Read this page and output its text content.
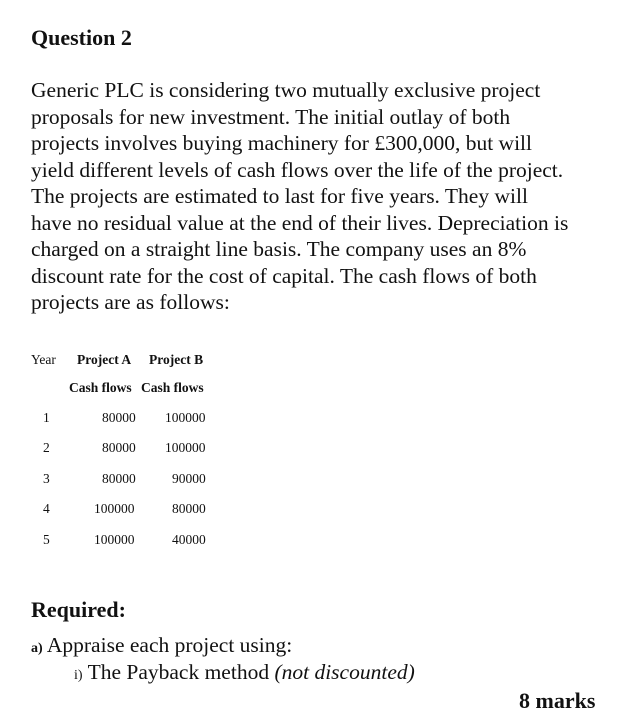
Question 2
Generic PLC is considering two mutually exclusive project
proposals for new investment. The initial outlay of both
projects involves buying machinery for £300,000, but will
yield different levels of cash flows over the life of the project.
The projects are estimated to last for five years. They will
have no residual value at the end of their lives. Depreciation is
charged on a straight line basis. The company uses an 8%
discount rate for the cost of capital. The cash flows of both
projects are as follows:
Year Project A Project B
Cash flows Cash flows
1	80000 100000
2	80000 100000
3	80000	90000
4	100000	80000
5	100000	40000
Required:
a) Appraise each project using:
i) The Payback method (not discounted)
8 marks
